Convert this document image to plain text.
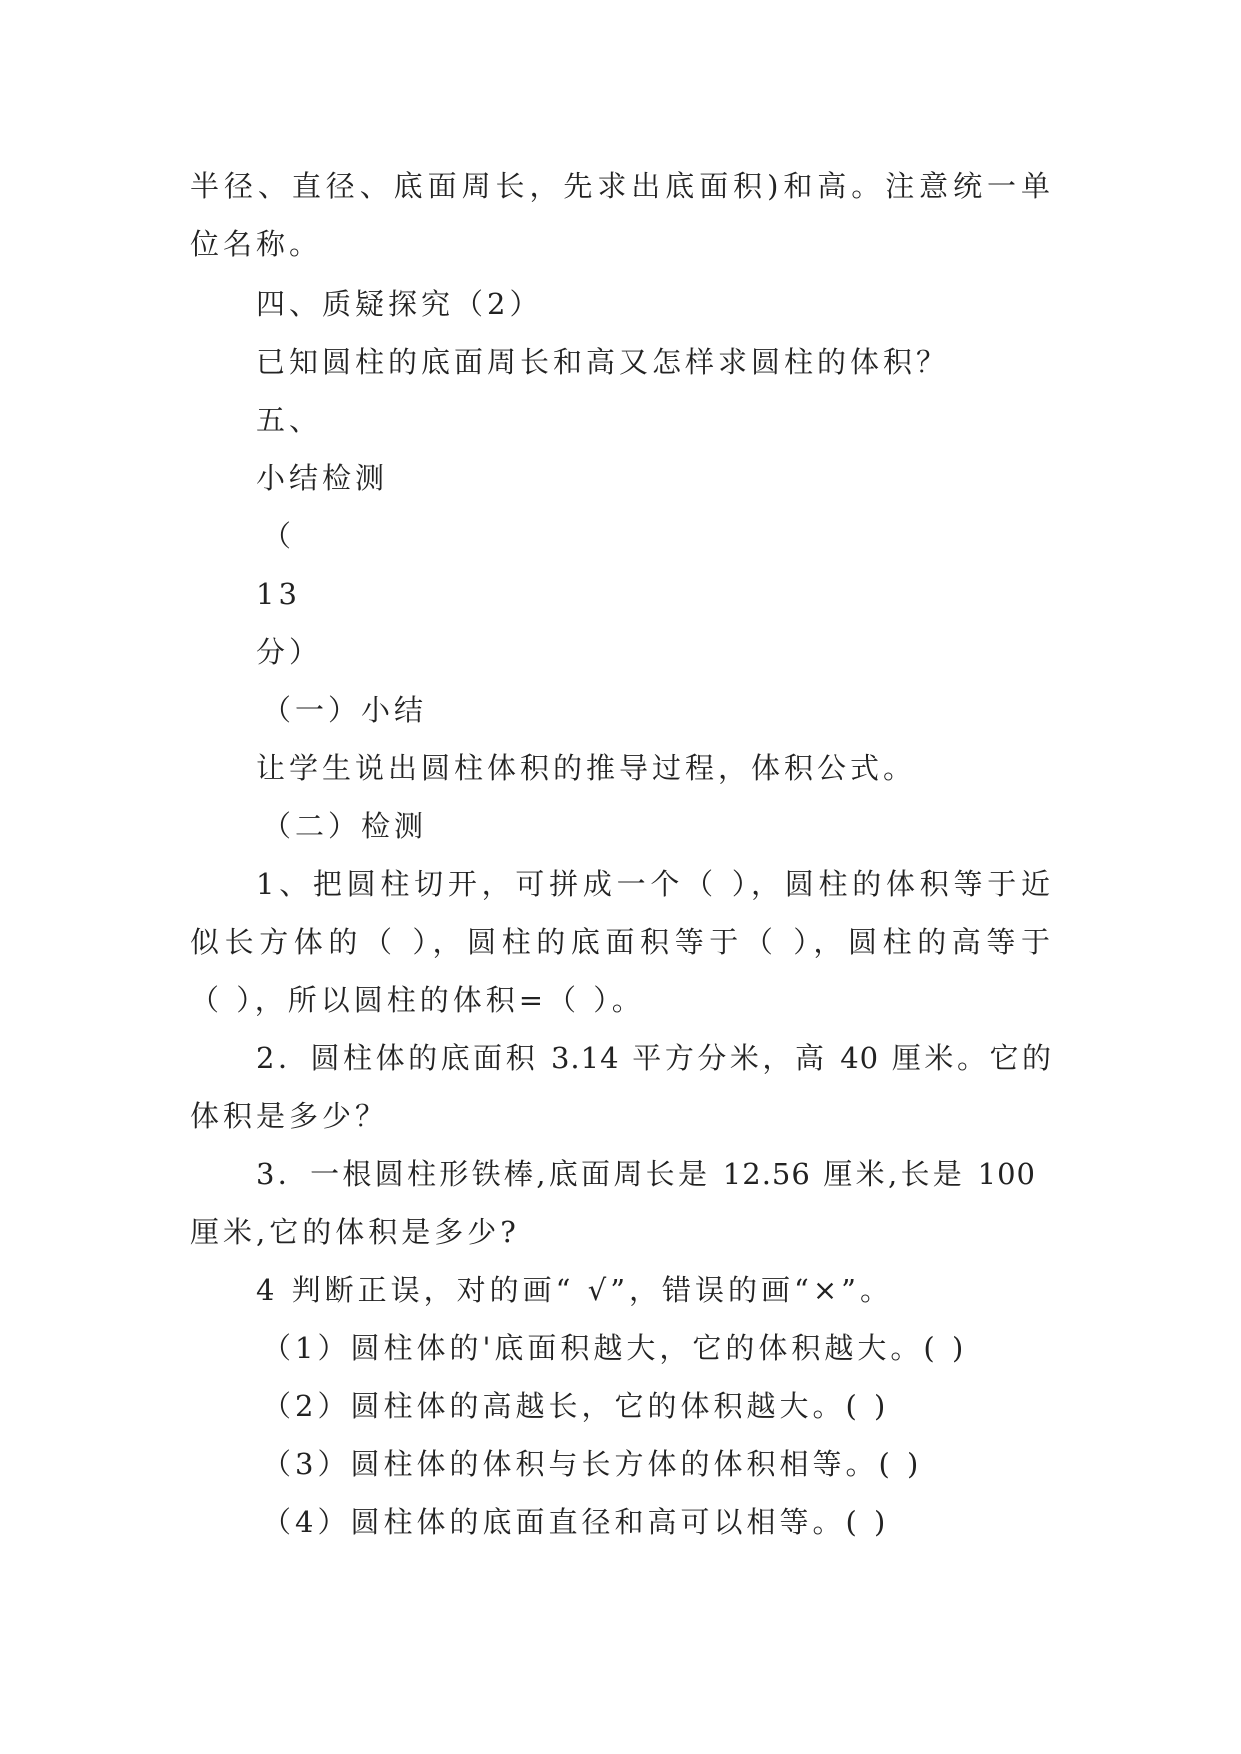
半径、直径、底面周长，先求出底面积)和高。注意统一单
位名称。
四、质疑探究（2）
已知圆柱的底面周长和高又怎样求圆柱的体积？
五、
小结检测
（
13
分）
（一）小结
让学生说出圆柱体积的推导过程，体积公式。
（二）检测
1、把圆柱切开，可拼成一个（ ），圆柱的体积等于近
似长方体的（ ），圆柱的底面积等于（ ），圆柱的高等于
（ ），所以圆柱的体积=（ ）。
2．圆柱体的底面积 3.14 平方分米，高 40 厘米。它的
体积是多少？
3．一根圆柱形铁棒,底面周长是 12.56 厘米,长是 100
厘米,它的体积是多少?
4 判断正误，对的画“ √”，错误的画“×”。
（1）圆柱体的'底面积越大，它的体积越大。( )
（2）圆柱体的高越长，它的体积越大。( )
（3）圆柱体的体积与长方体的体积相等。( )
（4）圆柱体的底面直径和高可以相等。( )
